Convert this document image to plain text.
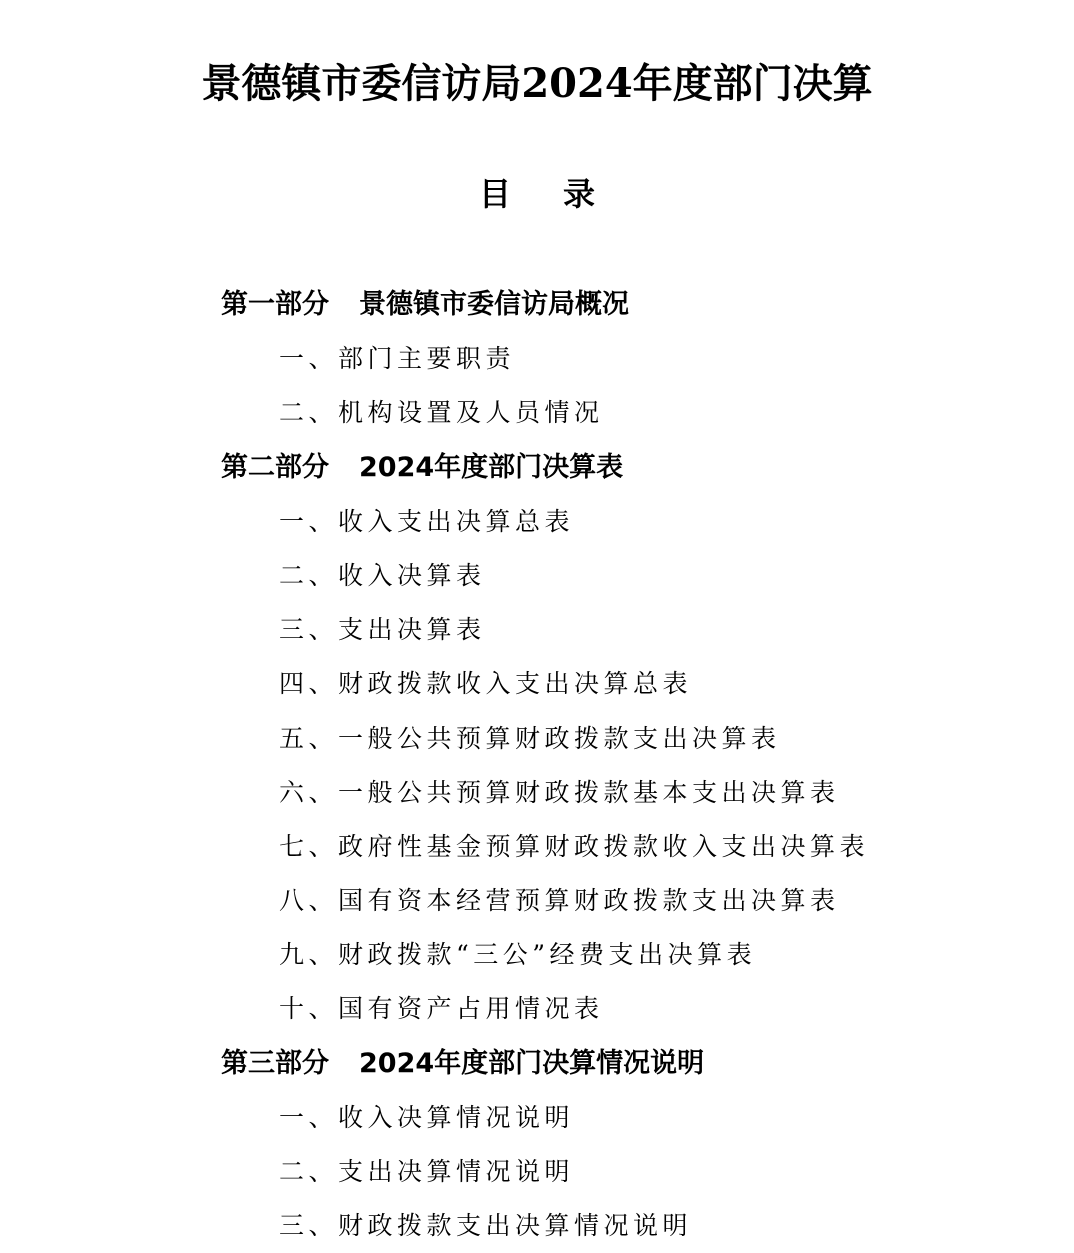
景德镇市委信访局2024年度部门决算
目录
第一部分 景德镇市委信访局概况
一、部门主要职责
二、机构设置及人员情况
第二部分 2024年度部门决算表
一、收入支出决算总表
二、收入决算表
三、支出决算表
四、财政拨款收入支出决算总表
五、一般公共预算财政拨款支出决算表
六、一般公共预算财政拨款基本支出决算表
七、政府性基金预算财政拨款收入支出决算表
八、国有资本经营预算财政拨款支出决算表
九、财政拨款“三公”经费支出决算表
十、国有资产占用情况表
第三部分 2024年度部门决算情况说明
一、收入决算情况说明
二、支出决算情况说明
三、财政拨款支出决算情况说明
